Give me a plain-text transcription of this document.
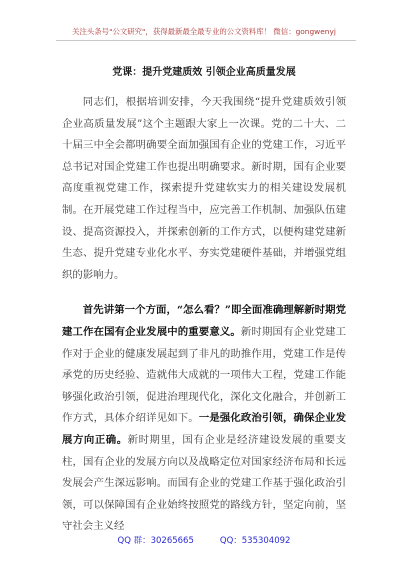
关注头条号"公文研究"，获得最新最全最专业的公文资料库！ 微信：gongwenyj
党课：提升党建质效 引领企业高质量发展

同志们，根据培训安排，今天我围绕“提升党建质效引领企业高质量发展”这个主题跟大家上一次课。党的二十大、二十届三中全会都明确要全面加强国有企业的党建工作，习近平总书记对国企党建工作也提出明确要求。新时期，国有企业要高度重视党建工作，探索提升党建软实力的相关建设发展机制。在开展党建工作过程当中，应完善工作机制、加强队伍建设、提高资源投入，并探索创新的工作方式，以便构建党建新生态、提升党建专业化水平、夯实党建硬件基础，并增强党组织的影响力。

首先讲第一个方面，“怎么看？”即全面准确理解新时期党建工作在国有企业发展中的重要意义。新时期国有企业党建工作对于企业的健康发展起到了非凡的助推作用，党建工作是传承党的历史经验、造就伟大成就的一项伟大工程，党建工作能够强化政治引领，促进治理现代化，深化文化融合，并创新工作方式，具体介绍详见如下。一是强化政治引领，确保企业发展方向正确。新时期里，国有企业是经济建设发展的重要支柱，国有企业的发展方向以及战略定位对国家经济布局和长远发展会产生深远影响。而国有企业的党建工作基于强化政治引领，可以保障国有企业始终按照党的路线方针，坚定向前，坚守社会主义经

QQ 群：30265665	QQ：535304092
